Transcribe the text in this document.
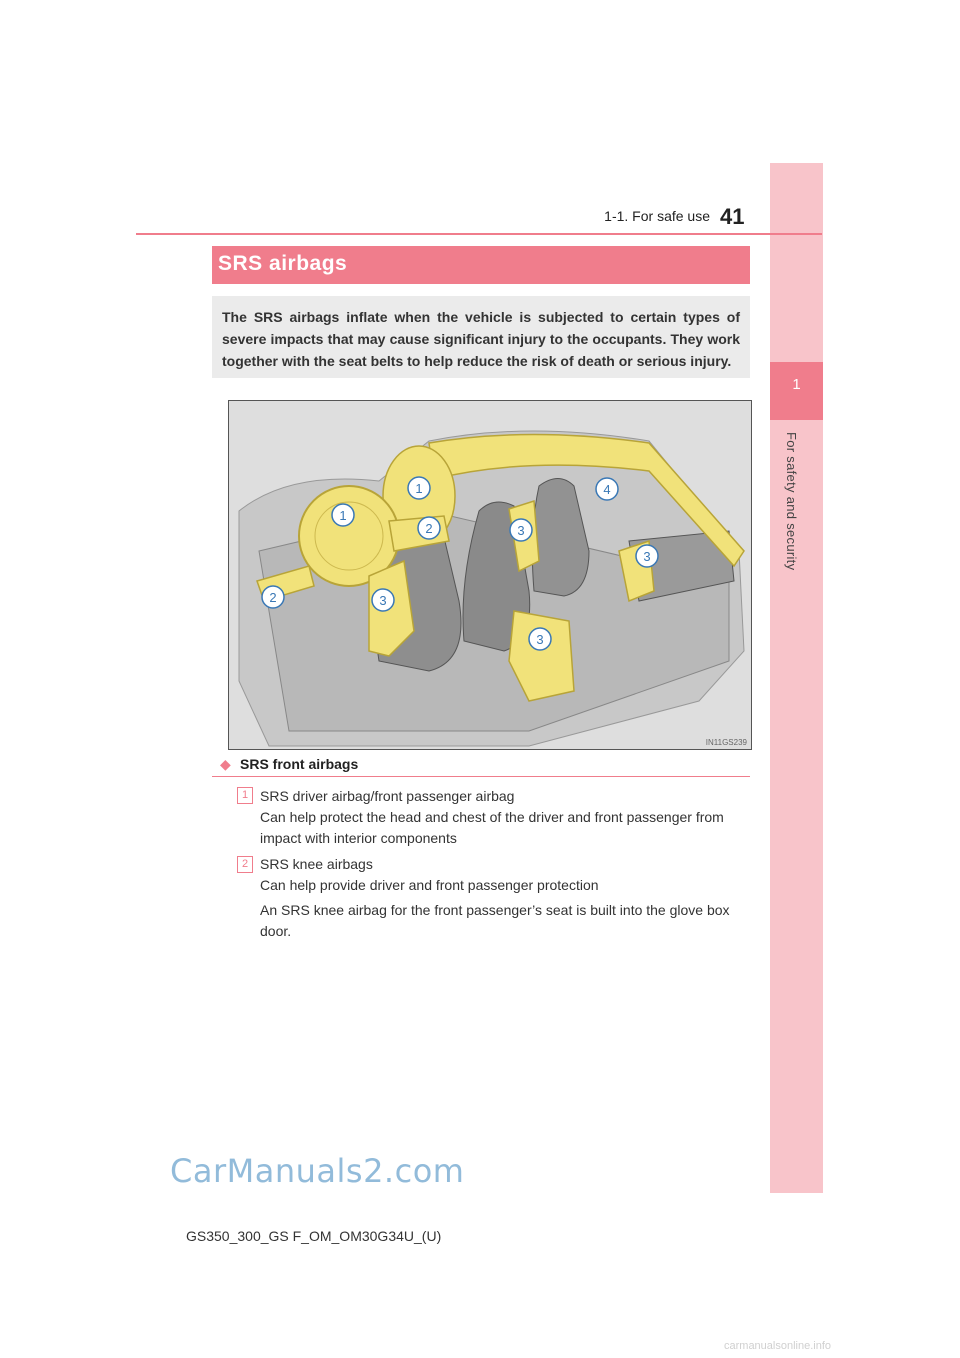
1
For safety and security
1-1. For safe use 41
SRS airbags
The SRS airbags inflate when the vehicle is subjected to certain types of severe impacts that may cause significant injury to the occupants. They work together with the seat belts to help reduce the risk of death or serious injury.
1
1
2
2
3
3
3
3
4
IN11GS239
◆ SRS front airbags
1 SRS driver airbag/front passenger airbag
Can help protect the head and chest of the driver and front passenger from impact with interior components
2 SRS knee airbags
Can help provide driver and front passenger protection
An SRS knee airbag for the front passenger’s seat is built into the glove box door.
CarManuals2.com
GS350_300_GS F_OM_OM30G34U_(U)
carmanualsonline.info
